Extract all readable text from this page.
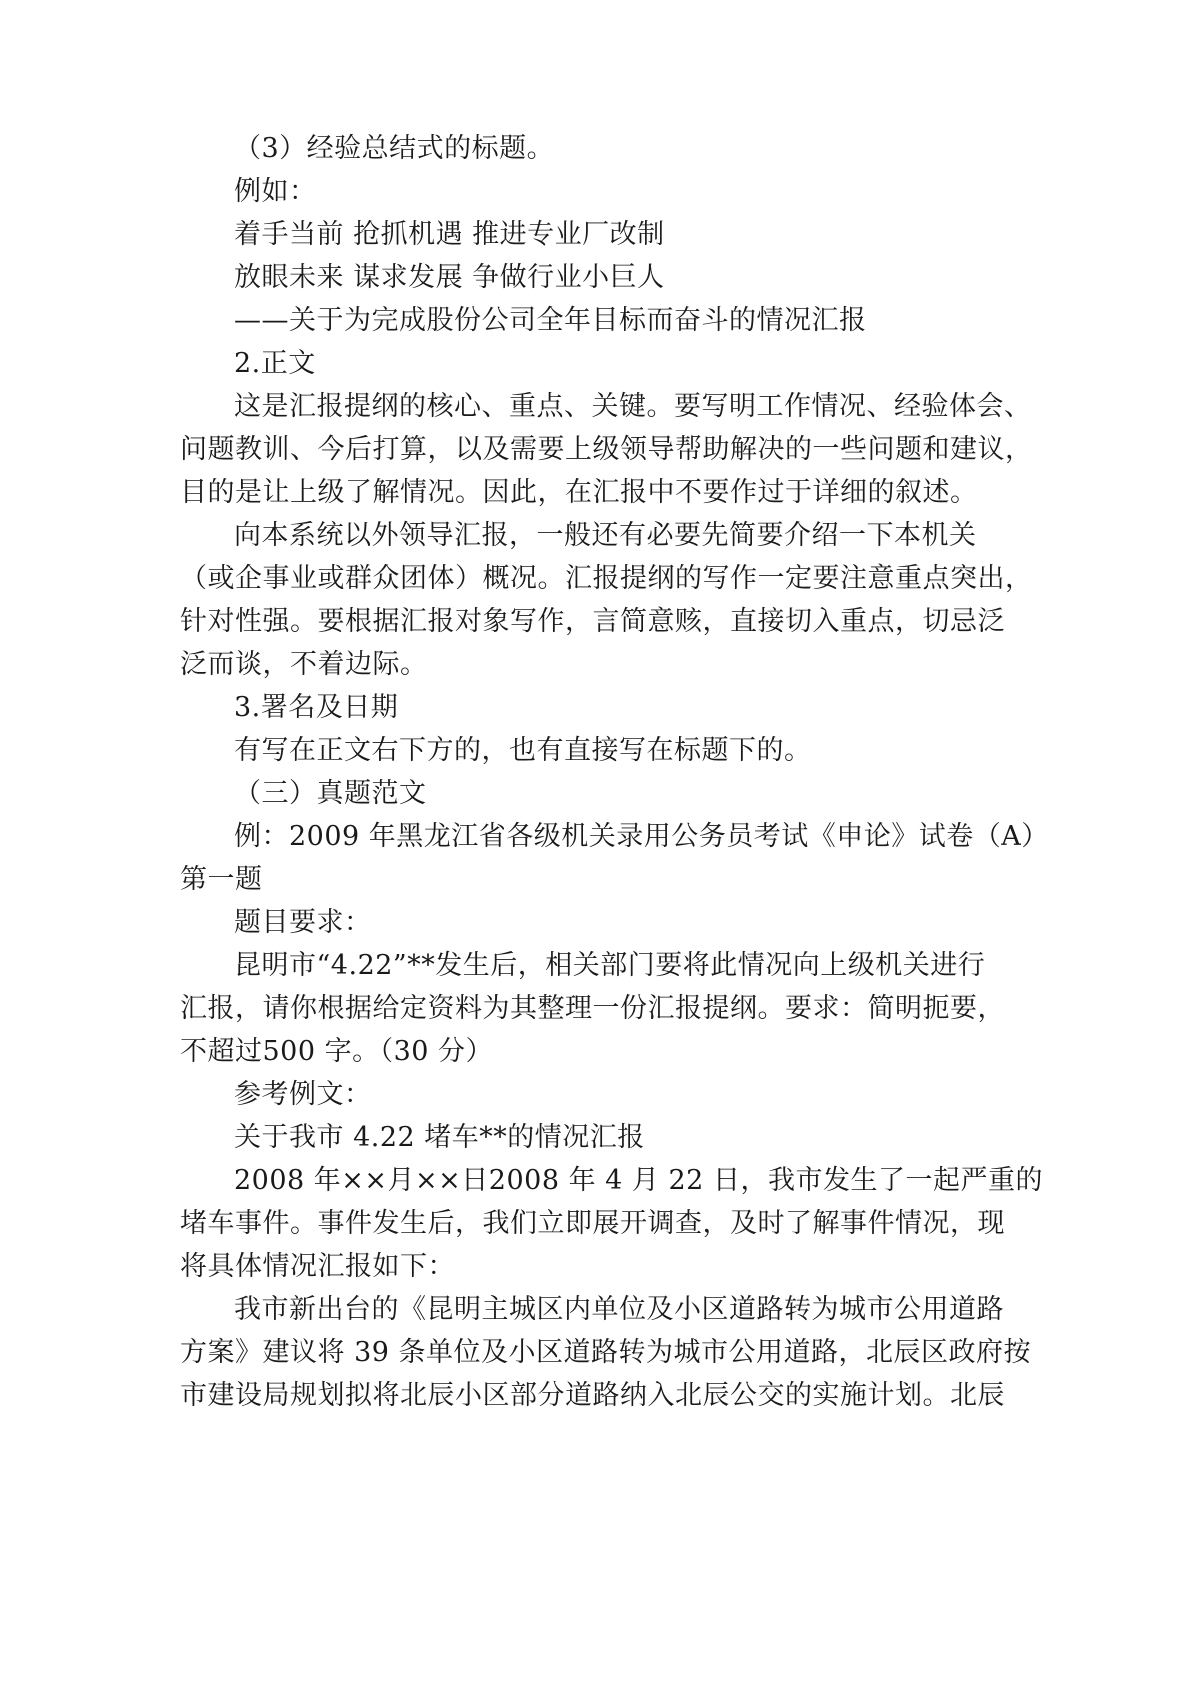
（3）经验总结式的标题。
例如：
着手当前 抢抓机遇 推进专业厂改制
放眼未来 谋求发展 争做行业小巨人
——关于为完成股份公司全年目标而奋斗的情况汇报
2.正文
这是汇报提纲的核心、重点、关键。要写明工作情况、经验体会、
问题教训、今后打算，以及需要上级领导帮助解决的一些问题和建议，
目的是让上级了解情况。因此，在汇报中不要作过于详细的叙述。
向本系统以外领导汇报，一般还有必要先简要介绍一下本机关
（或企事业或群众团体）概况。汇报提纲的写作一定要注意重点突出，
针对性强。要根据汇报对象写作，言简意赅，直接切入重点，切忌泛
泛而谈，不着边际。
3.署名及日期
有写在正文右下方的，也有直接写在标题下的。
（三）真题范文
例：2009 年黑龙江省各级机关录用公务员考试《申论》试卷（A）
第一题
题目要求：
昆明市“4.22”**发生后，相关部门要将此情况向上级机关进行
汇报，请你根据给定资料为其整理一份汇报提纲。要求：简明扼要，
不超过500 字。（30 分）
参考例文：
关于我市 4.22 堵车**的情况汇报
2008 年××月××日2008 年 4 月 22 日，我市发生了一起严重的
堵车事件。事件发生后，我们立即展开调查，及时了解事件情况，现
将具体情况汇报如下：
我市新出台的《昆明主城区内单位及小区道路转为城市公用道路
方案》建议将 39 条单位及小区道路转为城市公用道路，北辰区政府按
市建设局规划拟将北辰小区部分道路纳入北辰公交的实施计划。北辰
